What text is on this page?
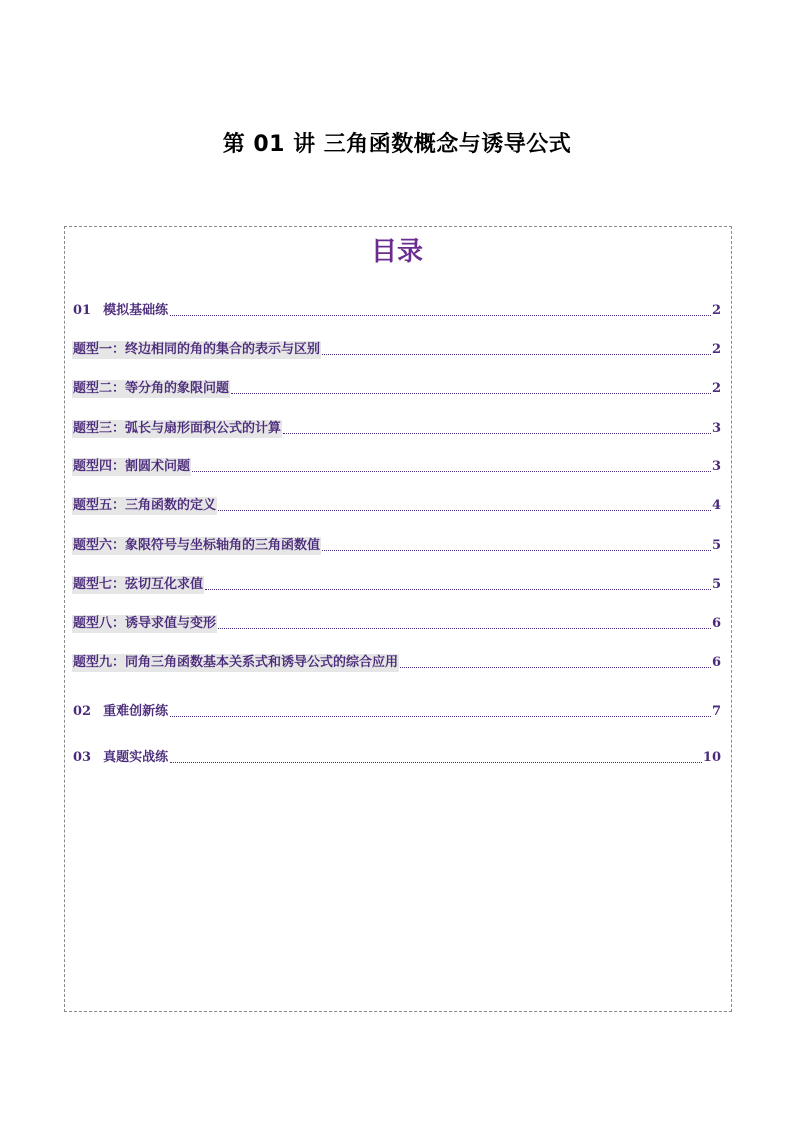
第 01 讲 三角函数概念与诱导公式
目录
01 模拟基础练	2
题型一：终边相同的角的集合的表示与区别	2
题型二：等分角的象限问题	2
题型三：弧长与扇形面积公式的计算	3
题型四：割圆术问题	3
题型五：三角函数的定义	4
题型六：象限符号与坐标轴角的三角函数值	5
题型七：弦切互化求值	5
题型八：诱导求值与变形	6
题型九：同角三角函数基本关系式和诱导公式的综合应用	6
02 重难创新练	7
03 真题实战练	10
